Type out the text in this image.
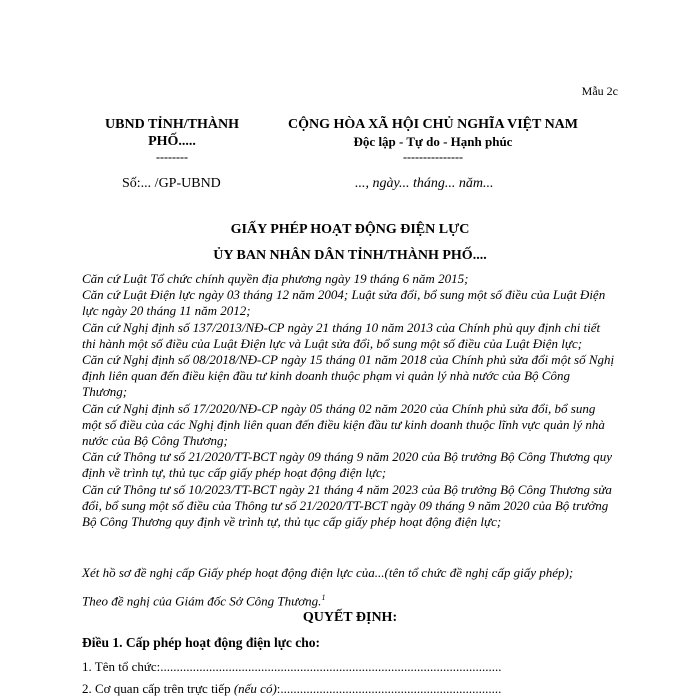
Mẫu 2c
UBND TỈNH/THÀNH
PHỐ.....
--------
CỘNG HÒA XÃ HỘI CHỦ NGHĨA VIỆT NAM
Độc lập - Tự do - Hạnh phúc
---------------
Số:... /GP-UBND	..., ngày... tháng... năm...
GIẤY PHÉP HOẠT ĐỘNG ĐIỆN LỰC
ỦY BAN NHÂN DÂN TỈNH/THÀNH PHỐ....

Căn cứ Luật Tổ chức chính quyền địa phương ngày 19 tháng 6 năm 2015;

Căn cứ Luật Điện lực ngày 03 tháng 12 năm 2004; Luật sửa đổi, bổ sung một số điều của Luật Điện lực ngày 20 tháng 11 năm 2012;

Căn cứ Nghị định số 137/2013/NĐ-CP ngày 21 tháng 10 năm 2013 của Chính phủ quy định chi tiết thi hành một số điều của Luật Điện lực và Luật sửa đổi, bổ sung một số điều của Luật Điện lực;

Căn cứ Nghị định số 08/2018/NĐ-CP ngày 15 tháng 01 năm 2018 của Chính phủ sửa đổi một số Nghị định liên quan đến điều kiện đầu tư kinh doanh thuộc phạm vi quản lý nhà nước của Bộ Công Thương;

Căn cứ Nghị định số 17/2020/NĐ-CP ngày 05 tháng 02 năm 2020 của Chính phủ sửa đổi, bổ sung một số điều của các Nghị định liên quan đến điều kiện đầu tư kinh doanh thuộc lĩnh vực quản lý nhà nước của Bộ Công Thương;

Căn cứ Thông tư số 21/2020/TT-BCT ngày 09 tháng 9 năm 2020 của Bộ trưởng Bộ Công Thương quy định về trình tự, thủ tục cấp giấy phép hoạt động điện lực;

Căn cứ Thông tư số 10/2023/TT-BCT ngày 21 tháng 4 năm 2023 của Bộ trưởng Bộ Công Thương sửa đổi, bổ sung một số điều của Thông tư số 21/2020/TT-BCT ngày 09 tháng 9 năm 2020 của Bộ trưởng Bộ Công Thương quy định về trình tự, thủ tục cấp giấy phép hoạt động điện lực;

Xét hồ sơ đề nghị cấp Giấy phép hoạt động điện lực của...(tên tổ chức đề nghị cấp giấy phép);
Theo đề nghị của Giám đốc Sở Công Thương.$^1$
QUYẾT ĐỊNH:
Điều 1. Cấp phép hoạt động điện lực cho:
1. Tên tổ chức:.........................................................................................................
2. Cơ quan cấp trên trực tiếp (nếu có):....................................................................
